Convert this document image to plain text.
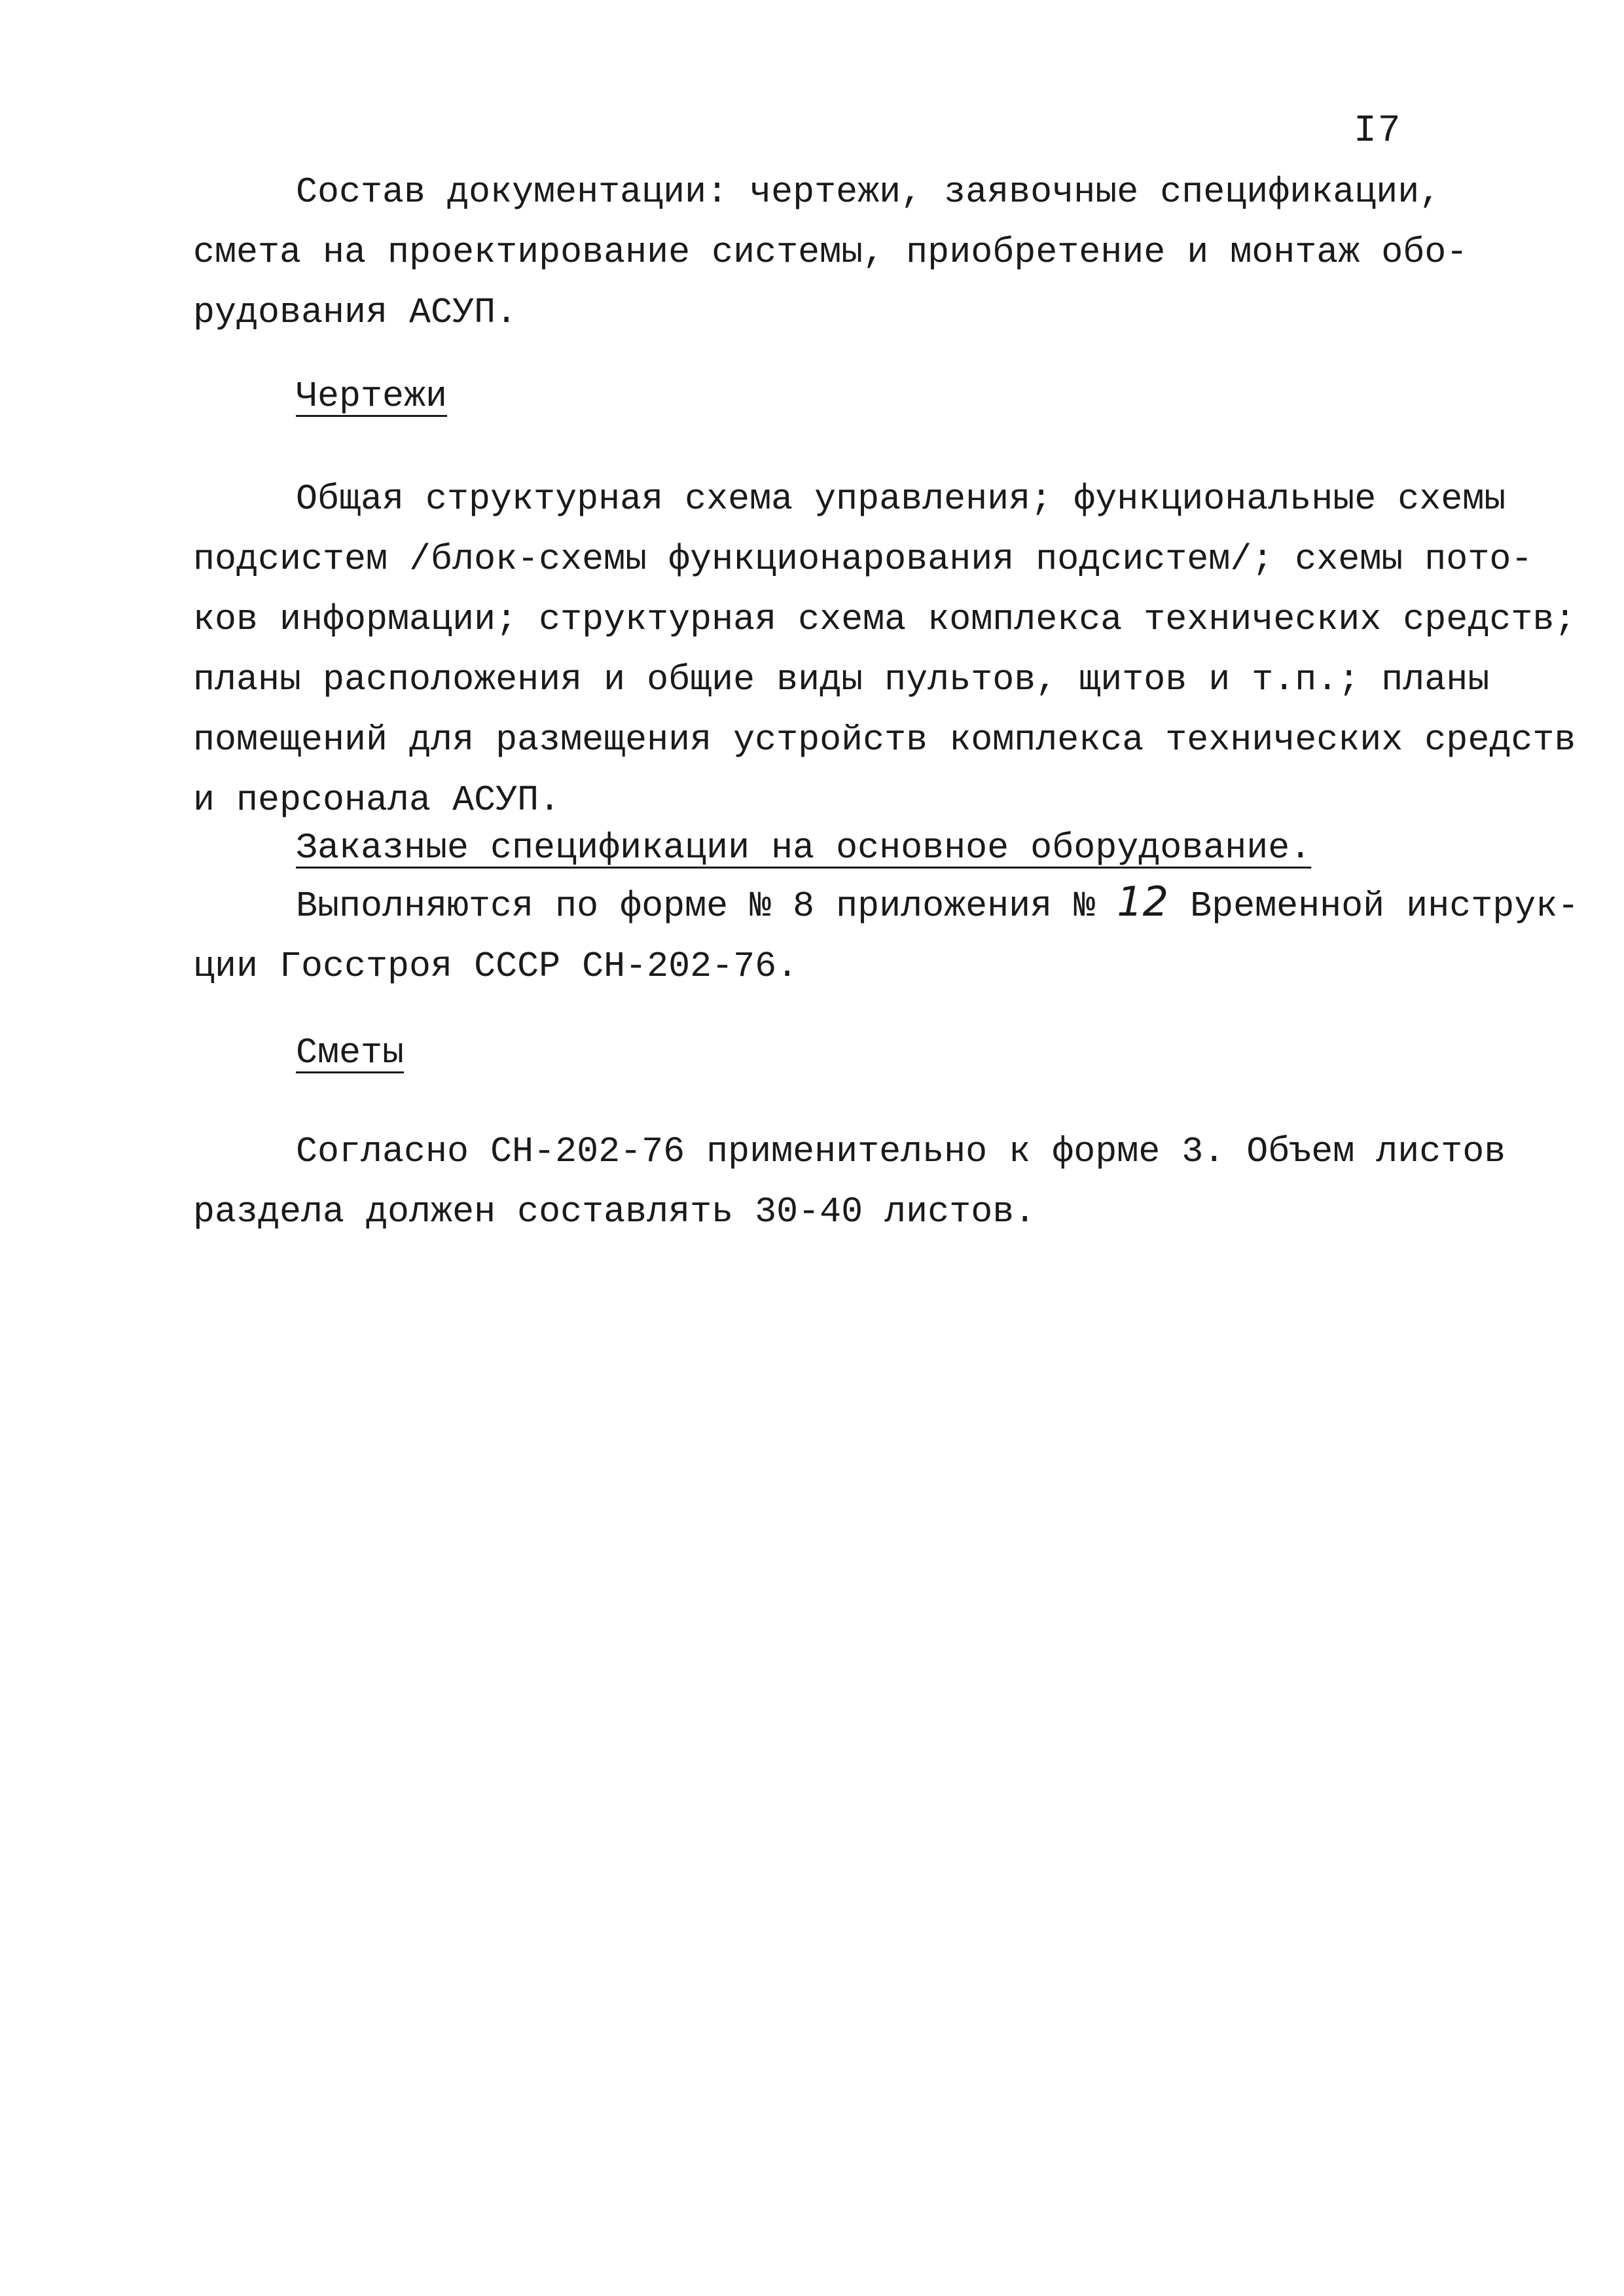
I7
Состав документации: чертежи, заявочные спецификации,
смета на проектирование системы, приобретение и монтаж обо-
рудования АСУП.
Чертежи
Общая структурная схема управления; функциональные схемы
подсистем /блок-схемы функционарования подсистем/; схемы пото-
ков информации; структурная схема комплекса технических средств;
планы расположения и общие виды пультов, щитов и т.п.; планы
помещений для размещения устройств комплекса технических средств
и персонала АСУП.
Заказные спецификации на основное оборудование.
Выполняются по форме № 8 приложения № 12 Временной инструк-
ции Госстроя СССР СН-202-76.
Сметы
Согласно СН-202-76 применительно к форме 3. Объем листов
раздела должен составлять 30-40 листов.
